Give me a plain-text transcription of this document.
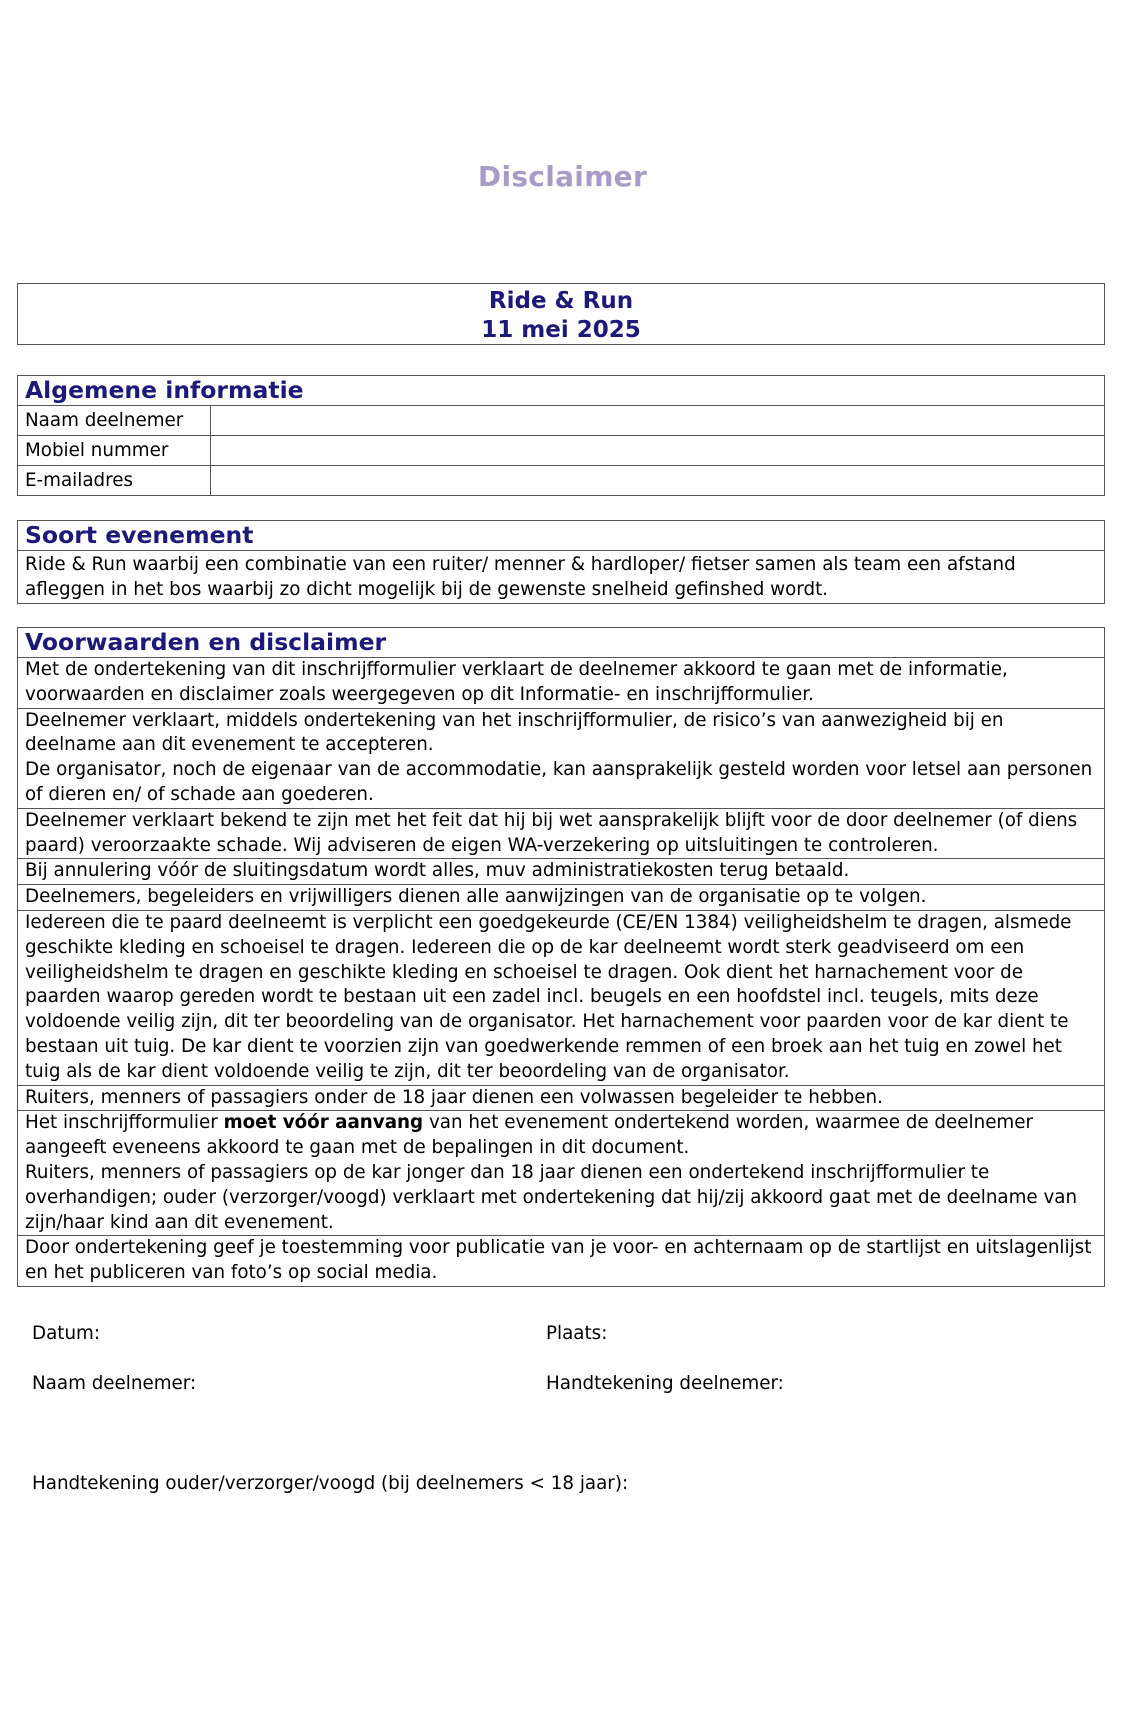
Disclaimer
Ride & Run
11 mei 2025
Algemene informatie
Naam deelnemer
Mobiel nummer
E-mailadres
Soort evenement
Ride & Run waarbij een combinatie van een ruiter/ menner & hardloper/ fietser samen als team een afstand afleggen in het bos waarbij zo dicht mogelijk bij de gewenste snelheid gefinshed wordt.
Voorwaarden en disclaimer
Met de ondertekening van dit inschrijfformulier verklaart de deelnemer akkoord te gaan met de informatie, voorwaarden en disclaimer zoals weergegeven op dit Informatie- en inschrijfformulier.
Deelnemer verklaart, middels ondertekening van het inschrijfformulier, de risico’s van aanwezigheid bij en deelname aan dit evenement te accepteren.
De organisator, noch de eigenaar van de accommodatie, kan aansprakelijk gesteld worden voor letsel aan personen of dieren en/ of schade aan goederen.
Deelnemer verklaart bekend te zijn met het feit dat hij bij wet aansprakelijk blijft voor de door deelnemer (of diens paard) veroorzaakte schade. Wij adviseren de eigen WA-verzekering op uitsluitingen te controleren.
Bij annulering vóór de sluitingsdatum wordt alles, muv administratiekosten terug betaald.
Deelnemers, begeleiders en vrijwilligers dienen alle aanwijzingen van de organisatie op te volgen.
Iedereen die te paard deelneemt is verplicht een goedgekeurde (CE/EN 1384) veiligheidshelm te dragen, alsmede geschikte kleding en schoeisel te dragen. Iedereen die op de kar deelneemt wordt sterk geadviseerd om een veiligheidshelm te dragen en geschikte kleding en schoeisel te dragen. Ook dient het harnachement voor de paarden waarop gereden wordt te bestaan uit een zadel incl. beugels en een hoofdstel incl. teugels, mits deze voldoende veilig zijn, dit ter beoordeling van de organisator. Het harnachement voor paarden voor de kar dient te bestaan uit tuig. De kar dient te voorzien zijn van goedwerkende remmen of een broek aan het tuig en zowel het tuig als de kar dient voldoende veilig te zijn, dit ter beoordeling van de organisator.
Ruiters, menners of passagiers onder de 18 jaar dienen een volwassen begeleider te hebben.
Het inschrijfformulier moet vóór aanvang van het evenement ondertekend worden, waarmee de deelnemer aangeeft eveneens akkoord te gaan met de bepalingen in dit document.
Ruiters, menners of passagiers op de kar jonger dan 18 jaar dienen een ondertekend inschrijfformulier te overhandigen; ouder (verzorger/voogd) verklaart met ondertekening dat hij/zij akkoord gaat met de deelname van zijn/haar kind aan dit evenement.
Door ondertekening geef je toestemming voor publicatie van je voor- en achternaam op de startlijst en uitslagenlijst en het publiceren van foto’s op social media.
Datum:	Plaats:
Naam deelnemer:	Handtekening deelnemer:
Handtekening ouder/verzorger/voogd (bij deelnemers < 18 jaar):
